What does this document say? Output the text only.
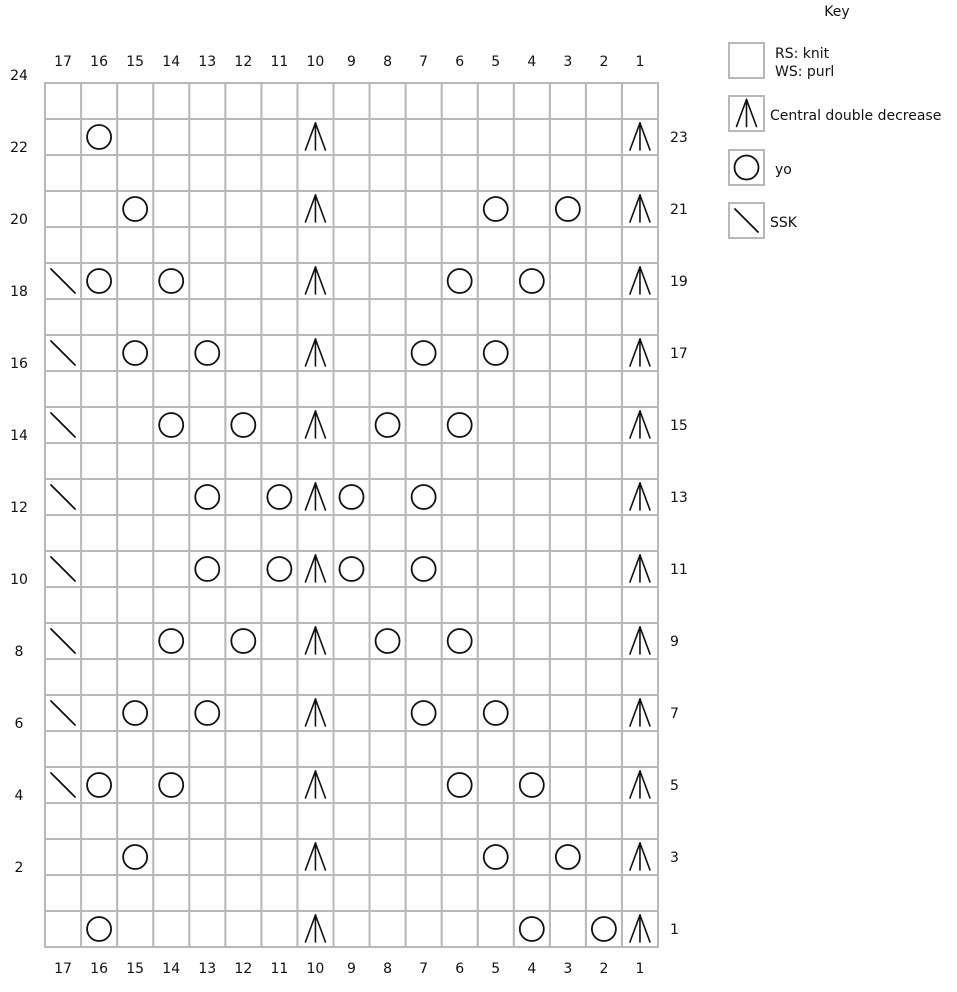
17
17
16
16
15
15
14
14
13
13
12
12
11
11
10
10
9
9
8
8
7
7
6
6
5
5
4
4
3
3
2
2
1
1
1
3
5
7
9
11
13
15
17
19
21
23
2
4
6
8
10
12
14
16
18
20
22
24
Key
RS: knit
WS: purl
Central double decrease
yo
SSK
